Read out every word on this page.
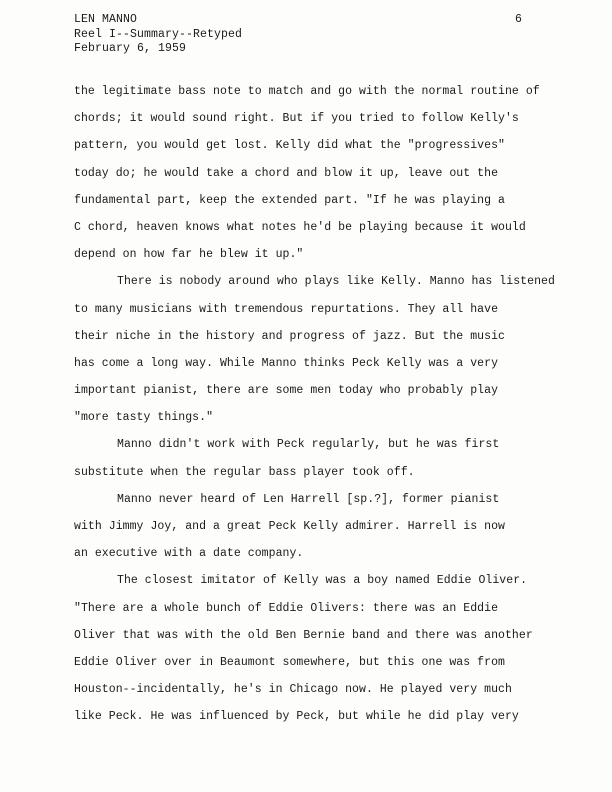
LEN MANNO
Reel I--Summary--Retyped
February 6, 1959
6
the legitimate bass note to match and go with the normal routine of
chords; it would sound right. But if you tried to follow Kelly's
pattern, you would get lost. Kelly did what the "progressives"
today do; he would take a chord and blow it up, leave out the
fundamental part, keep the extended part. "If he was playing a
C chord, heaven knows what notes he'd be playing because it would
depend on how far he blew it up."
There is nobody around who plays like Kelly. Manno has listened
to many musicians with tremendous repurtations. They all have
their niche in the history and progress of jazz. But the music
has come a long way. While Manno thinks Peck Kelly was a very
important pianist, there are some men today who probably play
"more tasty things."
Manno didn't work with Peck regularly, but he was first
substitute when the regular bass player took off.
Manno never heard of Len Harrell [sp.?], former pianist
with Jimmy Joy, and a great Peck Kelly admirer. Harrell is now
an executive with a date company.
The closest imitator of Kelly was a boy named Eddie Oliver.
"There are a whole bunch of Eddie Olivers: there was an Eddie
Oliver that was with the old Ben Bernie band and there was another
Eddie Oliver over in Beaumont somewhere, but this one was from
Houston--incidentally, he's in Chicago now. He played very much
like Peck. He was influenced by Peck, but while he did play very
